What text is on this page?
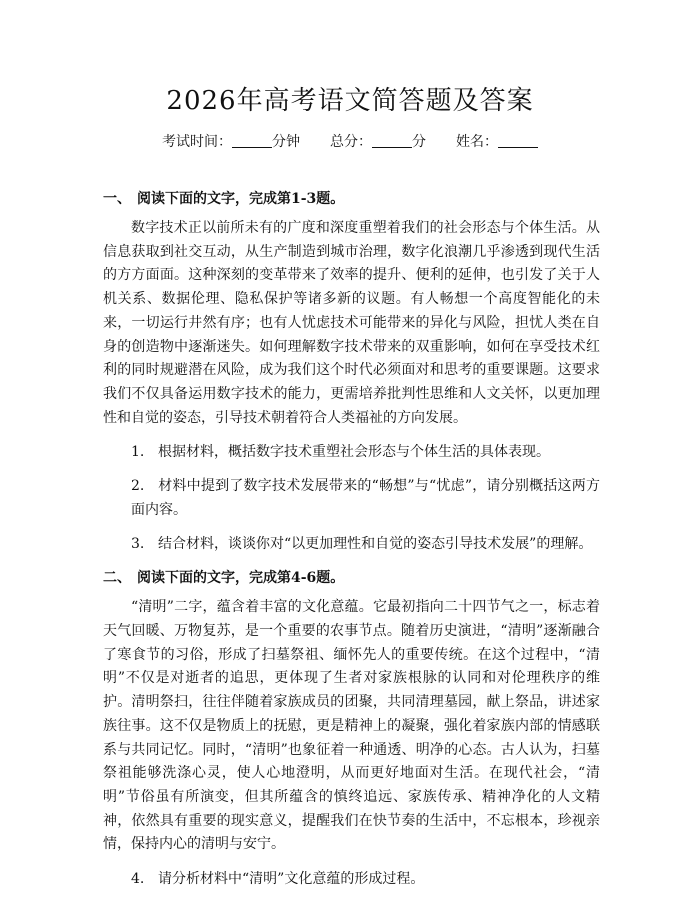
2026年高考语文简答题及答案
考试时间：	分钟 总分：	分 姓名：
一、 阅读下面的文字，完成第1-3题。

数字技术正以前所未有的广度和深度重塑着我们的社会形态与个体生活。从信息获取到社交互动，从生产制造到城市治理，数字化浪潮几乎渗透到现代生活的方方面面。这种深刻的变革带来了效率的提升、便利的延伸，也引发了关于人机关系、数据伦理、隐私保护等诸多新的议题。有人畅想一个高度智能化的未来，一切运行井然有序；也有人忧虑技术可能带来的异化与风险，担忧人类在自身的创造物中逐渐迷失。如何理解数字技术带来的双重影响，如何在享受技术红利的同时规避潜在风险，成为我们这个时代必须面对和思考的重要课题。这要求我们不仅具备运用数字技术的能力，更需培养批判性思维和人文关怀，以更加理性和自觉的姿态，引导技术朝着符合人类福祉的方向发展。

1. 根据材料，概括数字技术重塑社会形态与个体生活的具体表现。

2. 材料中提到了数字技术发展带来的“畅想”与“忧虑”，请分别概括这两方面内容。

3. 结合材料，谈谈你对“以更加理性和自觉的姿态引导技术发展”的理解。

二、 阅读下面的文字，完成第4-6题。

“清明”二字，蕴含着丰富的文化意蕴。它最初指向二十四节气之一，标志着天气回暖、万物复苏，是一个重要的农事节点。随着历史演进，“清明”逐渐融合了寒食节的习俗，形成了扫墓祭祖、缅怀先人的重要传统。在这个过程中，“清明”不仅是对逝者的追思，更体现了生者对家族根脉的认同和对伦理秩序的维护。清明祭扫，往往伴随着家族成员的团聚，共同清理墓园，献上祭品，讲述家族往事。这不仅是物质上的抚慰，更是精神上的凝聚，强化着家族内部的情感联系与共同记忆。同时，“清明”也象征着一种通透、明净的心态。古人认为，扫墓祭祖能够洗涤心灵，使人心地澄明，从而更好地面对生活。在现代社会，“清明”节俗虽有所演变，但其所蕴含的慎终追远、家族传承、精神净化的人文精神，依然具有重要的现实意义，提醒我们在快节奏的生活中，不忘根本，珍视亲情，保持内心的清明与安宁。

4. 请分析材料中“清明”文化意蕴的形成过程。
